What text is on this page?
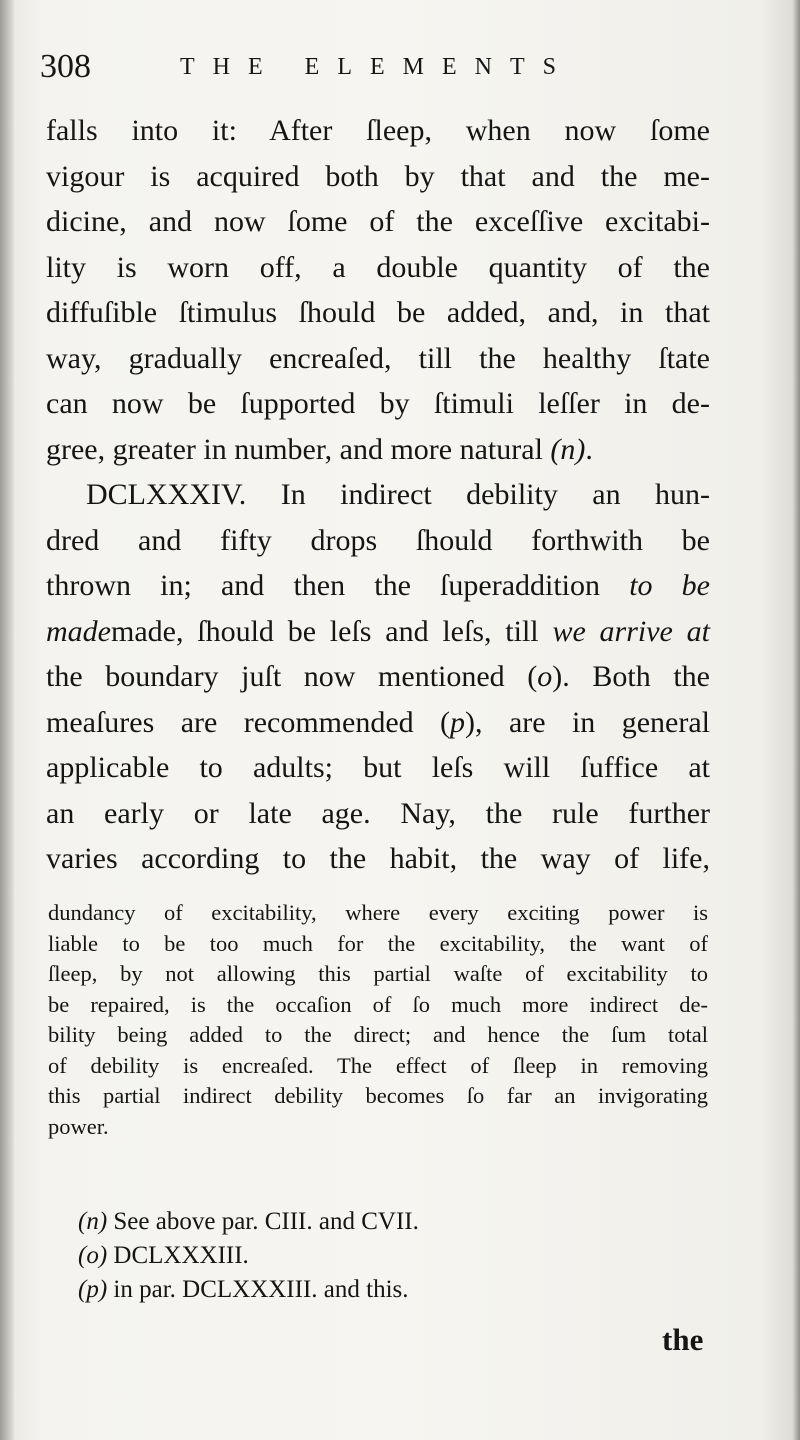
308	THE ELEMENTS
falls into it: After ſleep, when now ſome
vigour is acquired both by that and the me-
dicine, and now ſome of the exceſſive excitabi-
lity is worn off, a double quantity of the
diffuſible ſtimulus ſhould be added, and, in that
way, gradually encreaſed, till the healthy ſtate
can now be ſupported by ſtimuli leſſer in de-
gree, greater in number, and more natural (n).
DCLXXXIV. In indirect debility an hun-
dred and fifty drops ſhould forthwith be
thrown in; and then the ſuperaddition to be
mademade, ſhould be leſs and leſs, till we arrive at
the boundary juſt now mentioned (o). Both the
meaſures are recommended (p), are in general
applicable to adults; but leſs will ſuffice at
an early or late age. Nay, the rule further
varies according to the habit, the way of life,
dundancy of excitability, where every exciting power is
liable to be too much for the excitability, the want of
ſleep, by not allowing this partial waſte of excitability to
be repaired, is the occaſion of ſo much more indirect de-
bility being added to the direct; and hence the ſum total
of debility is encreaſed. The effect of ſleep in removing
this partial indirect debility becomes ſo far an invigorating
power.
(n) See above par. CIII. and CVII.
(o) DCLXXXIII.
(p) in par. DCLXXXIII. and this.
the
